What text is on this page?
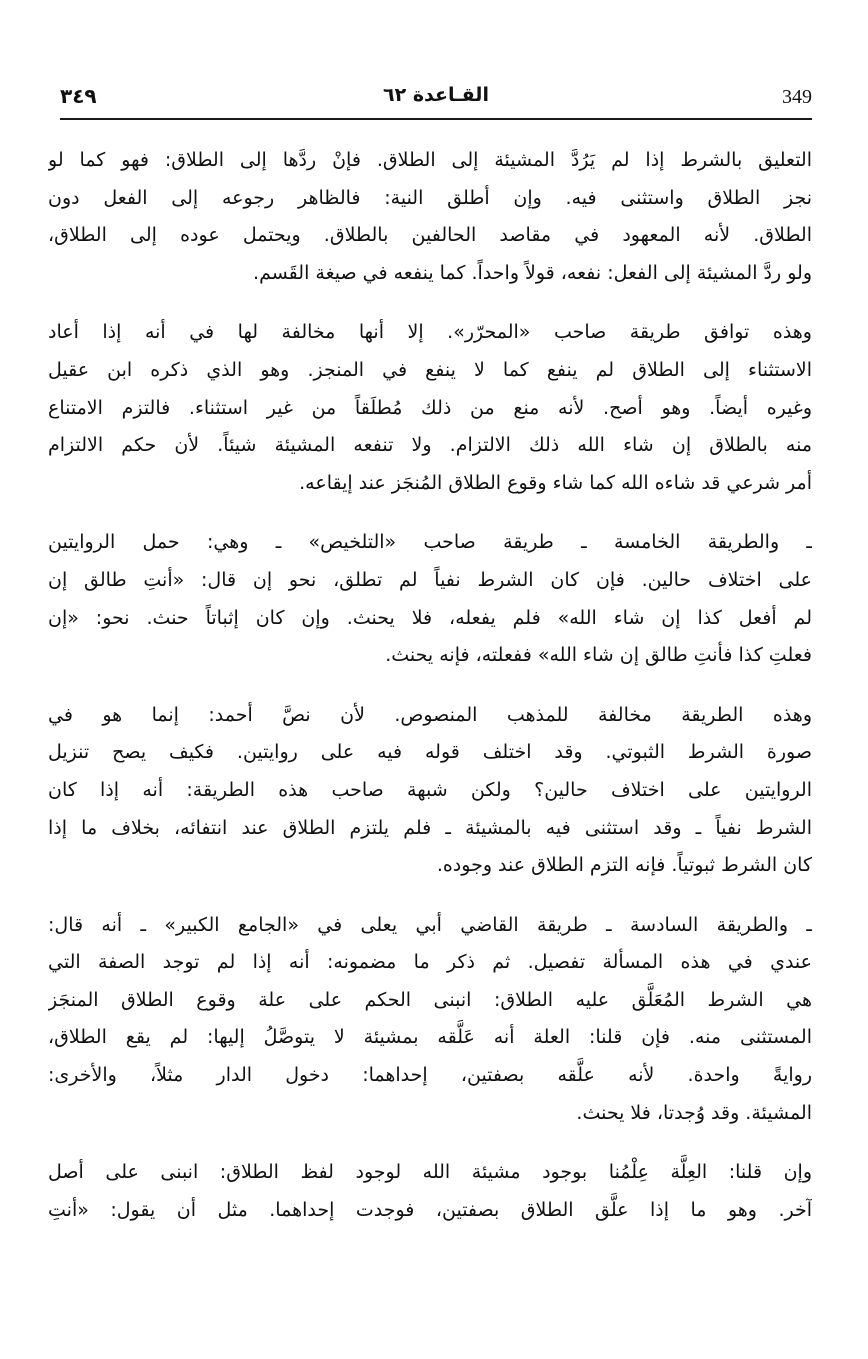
٣٤٩	القـاعدة ٦٢	349
التعليق بالشرط إذا لم يَرُدَّ المشيئة إلى الطلاق. فإنْ ردَّها إلى الطلاق: فهو كما لو
نجز الطلاق واستثنى فيه. وإن أطلق النية: فالظاهر رجوعه إلى الفعل دون
الطلاق. لأنه المعهود في مقاصد الحالفين بالطلاق. ويحتمل عوده إلى الطلاق،
ولو ردَّ المشيئة إلى الفعل: نفعه، قولاً واحداً. كما ينفعه في صيغة القَسم.
وهذه توافق طريقة صاحب «المحرّر». إلا أنها مخالفة لها في أنه إذا أعاد
الاستثناء إلى الطلاق لم ينفع كما لا ينفع في المنجز. وهو الذي ذكره ابن عقيل
وغيره أيضاً. وهو أصح. لأنه منع من ذلك مُطلَقاً من غير استثناء. فالتزم الامتناع
منه بالطلاق إن شاء الله ذلك الالتزام. ولا تنفعه المشيئة شيئاً. لأن حكم الالتزام
أمر شرعي قد شاءه الله كما شاء وقوع الطلاق المُنجَز عند إيقاعه.
ـ والطريقة الخامسة ـ طريقة صاحب «التلخيص» ـ وهي: حمل الروايتين
على اختلاف حالين. فإن كان الشرط نفياً لم تطلق، نحو إن قال: «أنتِ طالق إن
لم أفعل كذا إن شاء الله» فلم يفعله، فلا يحنث. وإن كان إثباتاً حنث. نحو: «إن
فعلتِ كذا فأنتِ طالق إن شاء الله» ففعلته، فإنه يحنث.
وهذه الطريقة مخالفة للمذهب المنصوص. لأن نصَّ أحمد: إنما هو في
صورة الشرط الثبوتي. وقد اختلف قوله فيه على روايتين. فكيف يصح تنزيل
الروايتين على اختلاف حالين؟ ولكن شبهة صاحب هذه الطريقة: أنه إذا كان
الشرط نفياً ـ وقد استثنى فيه بالمشيئة ـ فلم يلتزم الطلاق عند انتفائه، بخلاف ما إذا
كان الشرط ثبوتياً. فإنه التزم الطلاق عند وجوده.
ـ والطريقة السادسة ـ طريقة القاضي أبي يعلى في «الجامع الكبير» ـ أنه قال:
عندي في هذه المسألة تفصيل. ثم ذكر ما مضمونه: أنه إذا لم توجد الصفة التي
هي الشرط المُعَلَّق عليه الطلاق: انبنى الحكم على علة وقوع الطلاق المنجَز
المستثنى منه. فإن قلنا: العلة أنه عَلَّقه بمشيئة لا يتوصَّلُ إليها: لم يقع الطلاق،
روايةً واحدة. لأنه علَّقه بصفتين، إحداهما: دخول الدار مثلاً، والأخرى:
المشيئة. وقد وُجدتا، فلا يحنث.
وإن قلنا: العِلَّة عِلْمُنا بوجود مشيئة الله لوجود لفظ الطلاق: انبنى على أصل
آخر. وهو ما إذا علَّق الطلاق بصفتين، فوجدت إحداهما. مثل أن يقول: «أنتِ
